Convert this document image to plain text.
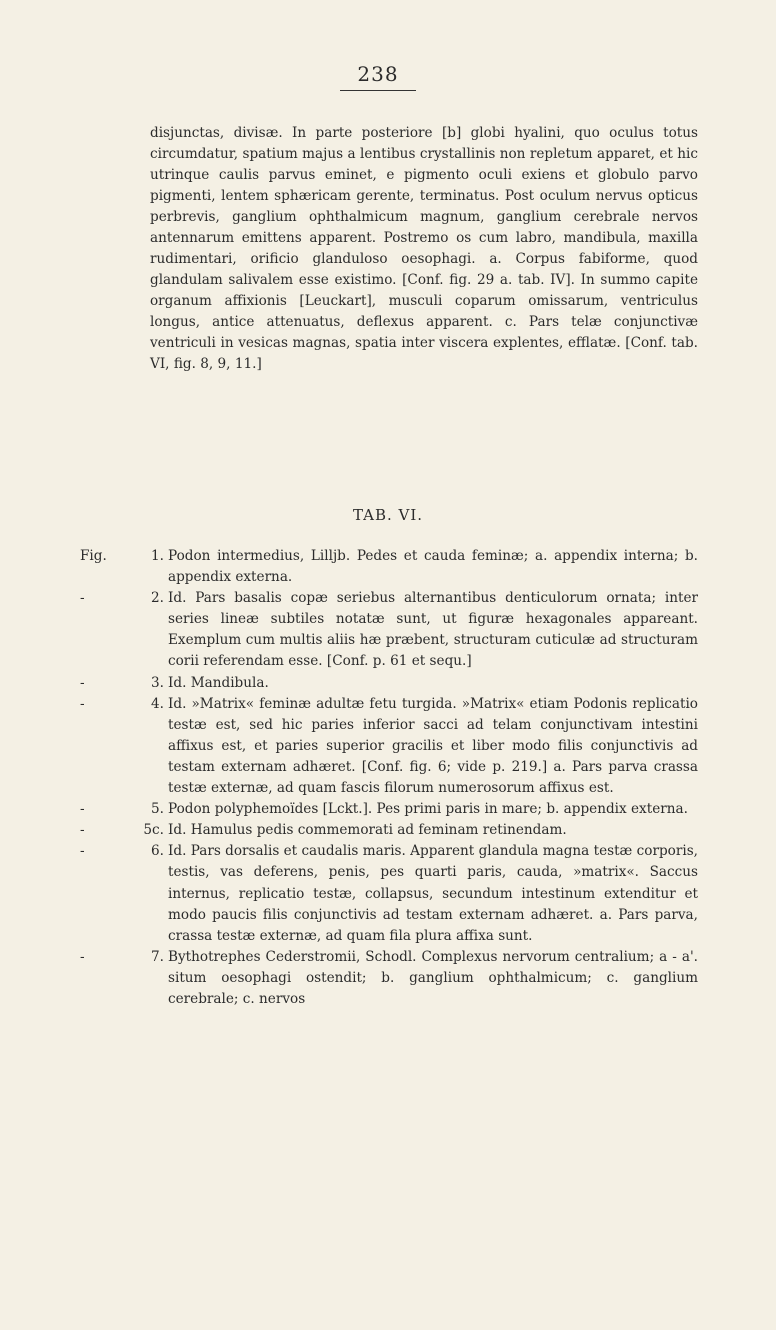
238

disjunctas, divisæ. In parte posteriore [b] globi hyalini, quo oculus totus circumdatur, spatium majus a lentibus crystallinis non repletum apparet, et hic utrinque caulis parvus eminet, e pigmento oculi exiens et globulo parvo pigmenti, lentem sphæricam gerente, terminatus. Post oculum nervus opticus perbrevis, ganglium ophthalmicum magnum, ganglium cerebrale nervos antennarum emittens apparent. Postremo os cum labro, mandibula, maxilla rudimentari, orificio glanduloso oesophagi. a. Corpus fabiforme, quod glandulam salivalem esse existimo. [Conf. fig. 29 a. tab. IV]. In summo capite organum affixionis [Leuckart], musculi coparum omissarum, ventriculus longus, antice attenuatus, deflexus apparent. c. Pars telæ conjunctivæ ventriculi in vesicas magnas, spatia inter viscera explentes, efflatæ. [Conf. tab. VI, fig. 8, 9, 11.]

TAB. VI.
Fig.	1. Podon intermedius, Lilljb. Pedes et cauda feminæ; a. appendix interna; b. appendix externa.
-	2. Id. Pars basalis copæ seriebus alternantibus denticulorum ornata; inter series lineæ subtiles notatæ sunt, ut figuræ hexagonales appareant. Exemplum cum multis aliis hæ præbent, structuram cuticulæ ad structuram corii referendam esse. [Conf. p. 61 et sequ.]
-	3. Id. Mandibula.
-	4. Id. »Matrix« feminæ adultæ fetu turgida. »Matrix« etiam Podonis replicatio testæ est, sed hic paries inferior sacci ad telam conjunctivam intestini affixus est, et paries superior gracilis et liber modo filis conjunctivis ad testam externam adhæret. [Conf. fig. 6; vide p. 219.] a. Pars parva crassa testæ externæ, ad quam fascis filorum numerosorum affixus est.
-	5. Podon polyphemoïdes [Lckt.]. Pes primi paris in mare; b. appendix externa.
-	5c. Id. Hamulus pedis commemorati ad feminam retinendam.
-	6. Id. Pars dorsalis et caudalis maris. Apparent glandula magna testæ corporis, testis, vas deferens, penis, pes quarti paris, cauda, »matrix«. Saccus internus, replicatio testæ, collapsus, secundum intestinum extenditur et modo paucis filis conjunctivis ad testam externam adhæret. a. Pars parva, crassa testæ externæ, ad quam fila plura affixa sunt.
-	7. Bythotrephes Cederstromii, Schodl. Complexus nervorum centralium; a - a'. situm oesophagi ostendit; b. ganglium ophthalmicum; c. ganglium cerebrale; c. nervos
